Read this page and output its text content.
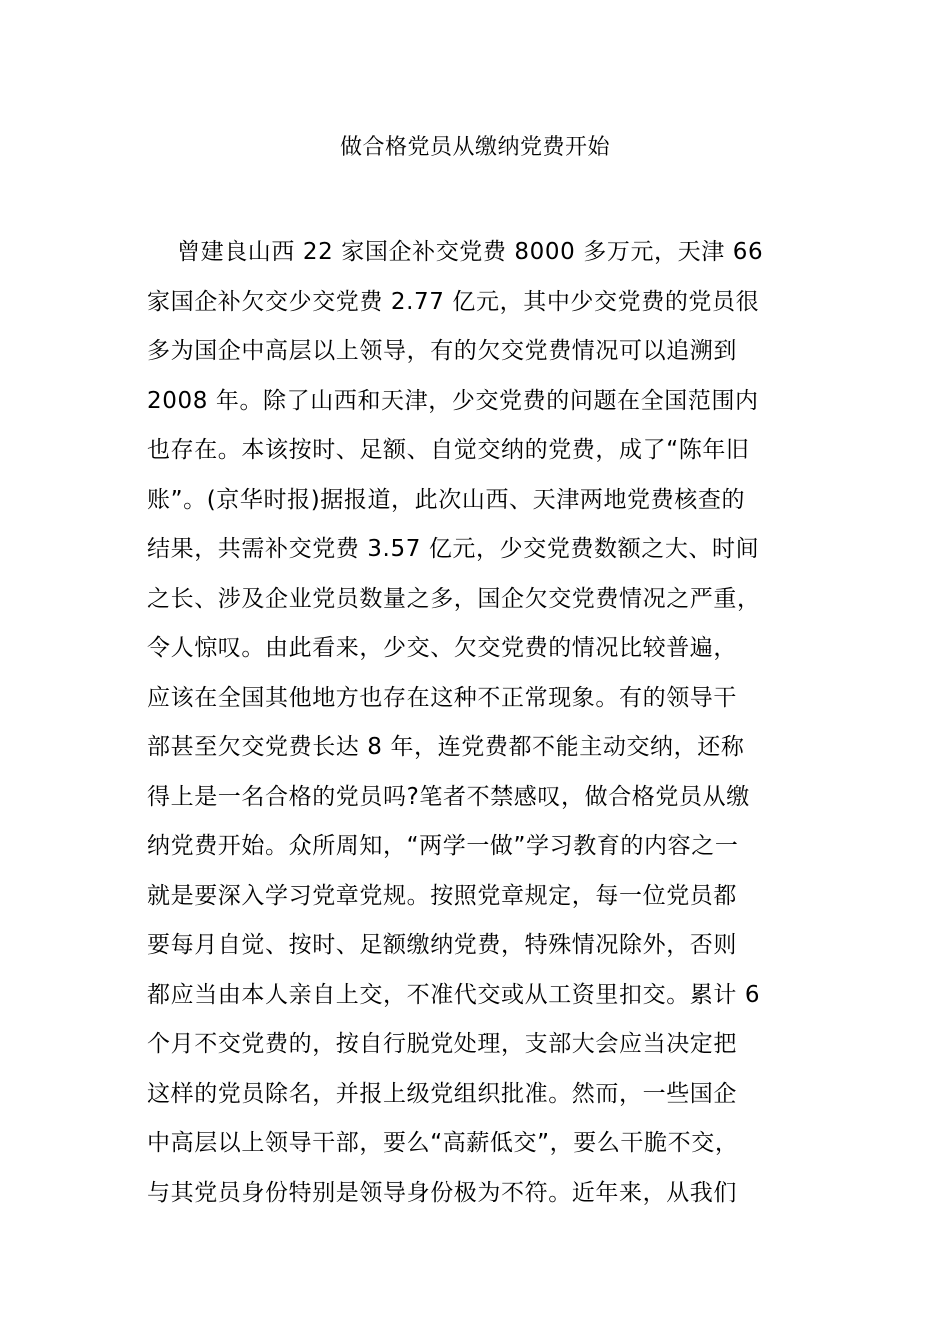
做合格党员从缴纳党费开始
曾建良山西 22 家国企补交党费 8000 多万元，天津 66
家国企补欠交少交党费 2.77 亿元，其中少交党费的党员很
多为国企中高层以上领导，有的欠交党费情况可以追溯到
2008 年。除了山西和天津，少交党费的问题在全国范围内
也存在。本该按时、足额、自觉交纳的党费，成了“陈年旧
账”。(京华时报)据报道，此次山西、天津两地党费核查的
结果，共需补交党费 3.57 亿元，少交党费数额之大、时间
之长、涉及企业党员数量之多，国企欠交党费情况之严重，
令人惊叹。由此看来，少交、欠交党费的情况比较普遍，
应该在全国其他地方也存在这种不正常现象。有的领导干
部甚至欠交党费长达 8 年，连党费都不能主动交纳，还称
得上是一名合格的党员吗?笔者不禁感叹，做合格党员从缴
纳党费开始。众所周知，“两学一做”学习教育的内容之一
就是要深入学习党章党规。按照党章规定，每一位党员都
要每月自觉、按时、足额缴纳党费，特殊情况除外，否则
都应当由本人亲自上交，不准代交或从工资里扣交。累计 6
个月不交党费的，按自行脱党处理，支部大会应当决定把
这样的党员除名，并报上级党组织批准。然而，一些国企
中高层以上领导干部，要么“高薪低交”，要么干脆不交，
与其党员身份特别是领导身份极为不符。近年来，从我们
